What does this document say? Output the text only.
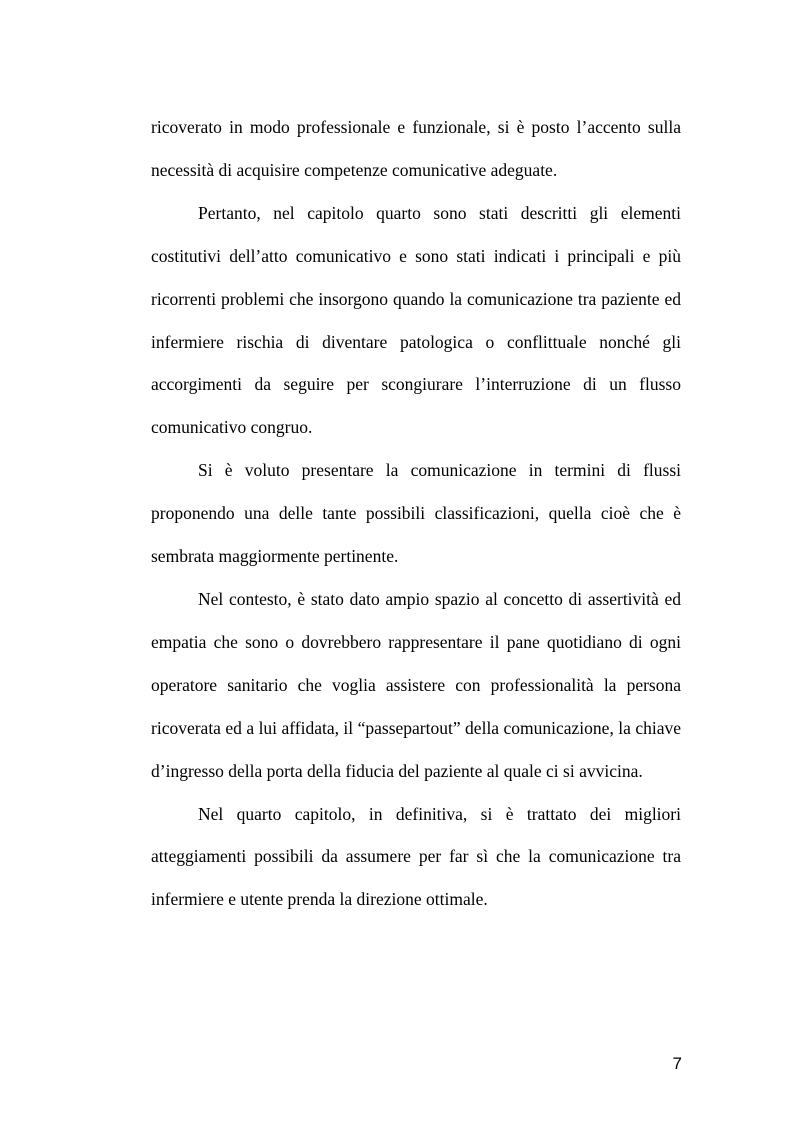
ricoverato in modo professionale e funzionale, si è posto l’accento sulla necessità di acquisire competenze comunicative adeguate.

Pertanto, nel capitolo quarto sono stati descritti gli elementi costitutivi dell’atto comunicativo e sono stati indicati i principali e più ricorrenti problemi che insorgono quando la comunicazione tra paziente ed infermiere rischia di diventare patologica o conflittuale nonché gli accorgimenti da seguire per scongiurare l’interruzione di un flusso comunicativo congruo.

Si è voluto presentare la comunicazione in termini di flussi proponendo una delle tante possibili classificazioni, quella cioè che è sembrata maggiormente pertinente.

Nel contesto, è stato dato ampio spazio al concetto di assertività ed empatia che sono o dovrebbero rappresentare il pane quotidiano di ogni operatore sanitario che voglia assistere con professionalità la persona ricoverata ed a lui affidata, il “passepartout” della comunicazione, la chiave d’ingresso della porta della fiducia del paziente al quale ci si avvicina.

Nel quarto capitolo, in definitiva, si è trattato dei migliori atteggiamenti possibili da assumere per far sì che la comunicazione tra infermiere e utente prenda la direzione ottimale.

7
